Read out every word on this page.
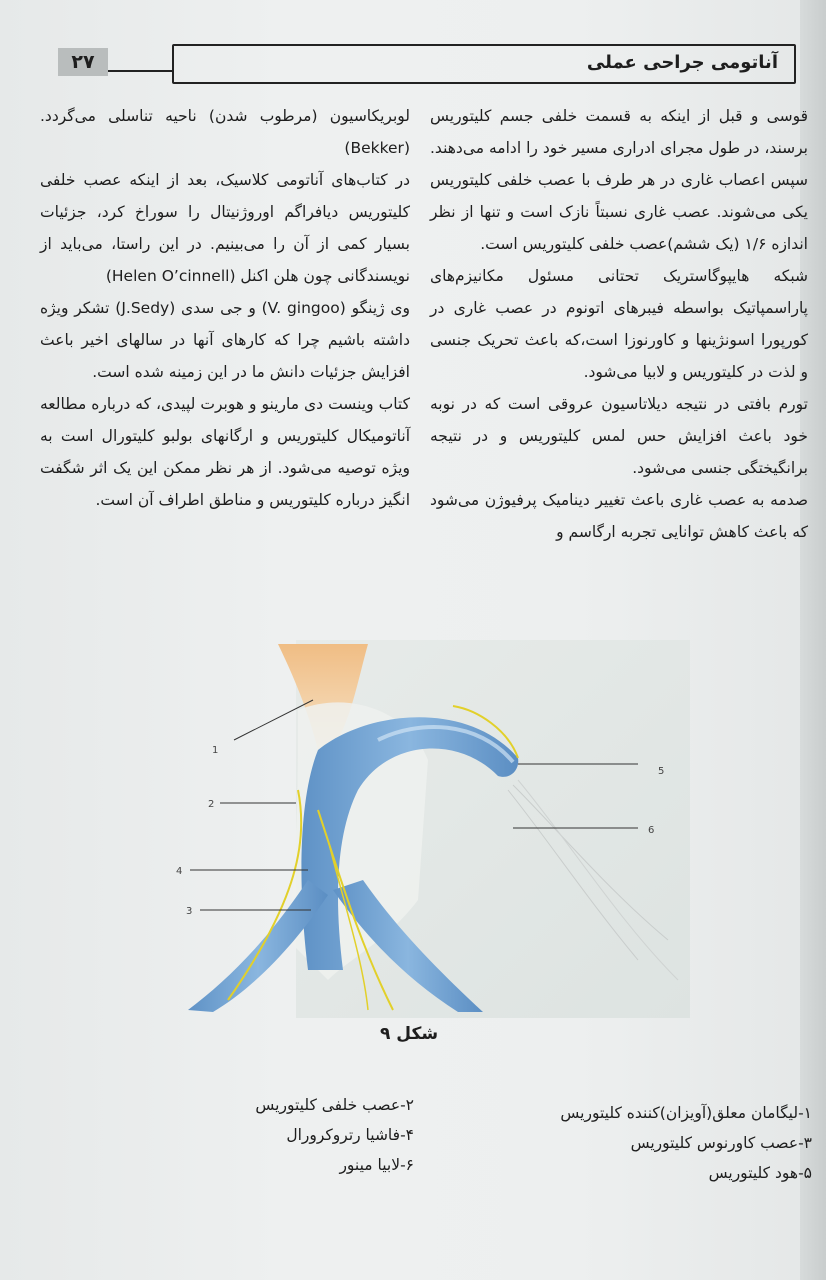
۲۷	آناتومی جراحی عملی

قوسی و قبل از اینکه به قسمت خلفی جسم کلیتوریس برسند، در طول مجرای ادراری مسیر خود را ادامه می‌دهند. سپس اعصاب غاری در هر طرف با عصب خلفی کلیتوریس یکی می‌شوند. عصب غاری نسبتاً نازک است و تنها از نظر اندازه ۱/۶ (یک ششم)عصب خلفی کلیتوریس است.

شبکه هایپوگاستریک تحتانی مسئول مکانیزم‌های پاراسمپاتیک بواسطه فیبرهای اتونوم در عصب غاری در کورپورا اسونژینها و کاورنوزا است،که باعث تحریک جنسی و لذت در کلیتوریس و لابیا می‌شود.

تورم بافتی در نتیجه دیلاتاسیون عروقی است که در نوبه خود باعث افزایش حس لمس کلیتوریس و در نتیجه برانگیختگی جنسی می‌شود.

صدمه به عصب غاری باعث تغییر دینامیک پرفیوژن می‌شود که باعث کاهش توانایی تجربه ارگاسم و

لوبریکاسیون (مرطوب شدن) ناحیه تناسلی می‌گردد. (Bekker)

در کتاب‌های آناتومی کلاسیک، بعد از اینکه عصب خلفی کلیتوریس دیافراگم اوروژنیتال را سوراخ کرد، جزئیات بسیار کمی از آن را می‌بینیم. در این راستا، می‌باید از نویسندگانی چون هلن اکنل (Helen O’cinnell)

وی ژینگو (V. gingoo) و جی سدی (J.Sedy) تشکر ویژه داشته باشیم چرا که کارهای آنها در سالهای اخیر باعث افزایش جزئیات دانش ما در این زمینه شده است.

کتاب وینست دی مارینو و هوبرت لپیدی، که درباره مطالعه آناتومیکال کلیتوریس و ارگانهای بولبو کلیتورال است به ویژه توصیه می‌شود. از هر نظر ممکن این یک اثر شگفت انگیز درباره کلیتوریس و مناطق اطراف آن است.

1
2
4
3
5
6
شکل ۹
۱-لیگامان معلق(آویزان)کننده کلیتوریس
۳-عصب کاورنوس کلیتوریس
۵-هود کلیتوریس
۲-عصب خلفی کلیتوریس
۴-فاشیا رتروکرورال
۶-لابیا مینور
